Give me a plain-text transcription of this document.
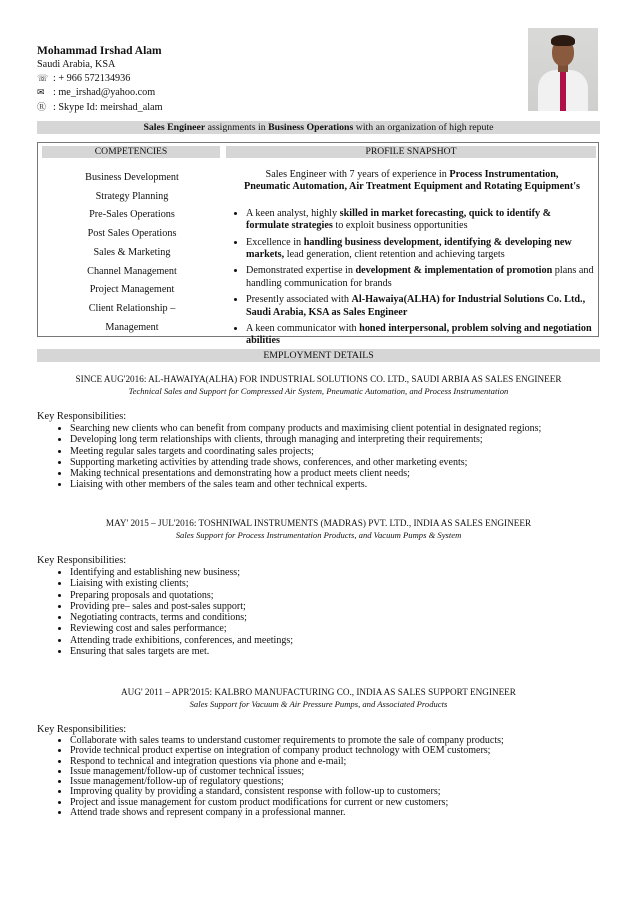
Mohammad Irshad Alam
Saudi Arabia, KSA
☏ : + 966 572134936
✉ : me_irshad@yahoo.com
Ⓡ : Skype Id: meirshad_alam
Sales Engineer assignments in Business Operations with an organization of high repute
COMPETENCIES	PROFILE SNAPSHOT
Business Development
Strategy Planning
Pre-Sales Operations
Post Sales Operations
Sales & Marketing
Channel Management
Project Management
Client Relationship –
Management
Sales Engineer with 7 years of experience in Process Instrumentation,
Pneumatic Automation, Air Treatment Equipment and Rotating Equipment's
• A keen analyst, highly skilled in market forecasting, quick to identify & formulate strategies to exploit business opportunities
• Excellence in handling business development, identifying & developing new markets, lead generation, client retention and achieving targets
• Demonstrated expertise in development & implementation of promotion plans and handling communication for brands
• Presently associated with Al-Hawaiya(ALHA) for Industrial Solutions Co. Ltd., Saudi Arabia, KSA as Sales Engineer
• A keen communicator with honed interpersonal, problem solving and negotiation abilities
EMPLOYMENT DETAILS
SINCE AUG'2016: AL-HAWAIYA(ALHA) FOR INDUSTRIAL SOLUTIONS CO. LTD., SAUDI ARBIA AS SALES ENGINEER
Technical Sales and Support for Compressed Air System, Pneumatic Automation, and Process Instrumentation
Key Responsibilities:
• Searching new clients who can benefit from company products and maximising client potential in designated regions;
• Developing long term relationships with clients, through managing and interpreting their requirements;
• Meeting regular sales targets and coordinating sales projects;
• Supporting marketing activities by attending trade shows, conferences, and other marketing events;
• Making technical presentations and demonstrating how a product meets client needs;
• Liaising with other members of the sales team and other technical experts.
MAY' 2015 – JUL'2016: TOSHNIWAL INSTRUMENTS (MADRAS) PVT. LTD., INDIA AS SALES ENGINEER
Sales Support for Process Instrumentation Products, and Vacuum Pumps & System
Key Responsibilities:
• Identifying and establishing new business;
• Liaising with existing clients;
• Preparing proposals and quotations;
• Providing pre– sales and post-sales support;
• Negotiating contracts, terms and conditions;
• Reviewing cost and sales performance;
• Attending trade exhibitions, conferences, and meetings;
• Ensuring that sales targets are met.
AUG' 2011 – APR'2015: KALBRO MANUFACTURING CO., INDIA AS SALES SUPPORT ENGINEER
Sales Support for Vacuum & Air Pressure Pumps, and Associated Products
Key Responsibilities:
• Collaborate with sales teams to understand customer requirements to promote the sale of company products;
• Provide technical product expertise on integration of company product technology with OEM customers;
• Respond to technical and integration questions via phone and e-mail;
• Issue management/follow-up of customer technical issues;
• Issue management/follow-up of regulatory questions;
• Improving quality by providing a standard, consistent response with follow-up to customers;
• Project and issue management for custom product modifications for current or new customers;
• Attend trade shows and represent company in a professional manner.
